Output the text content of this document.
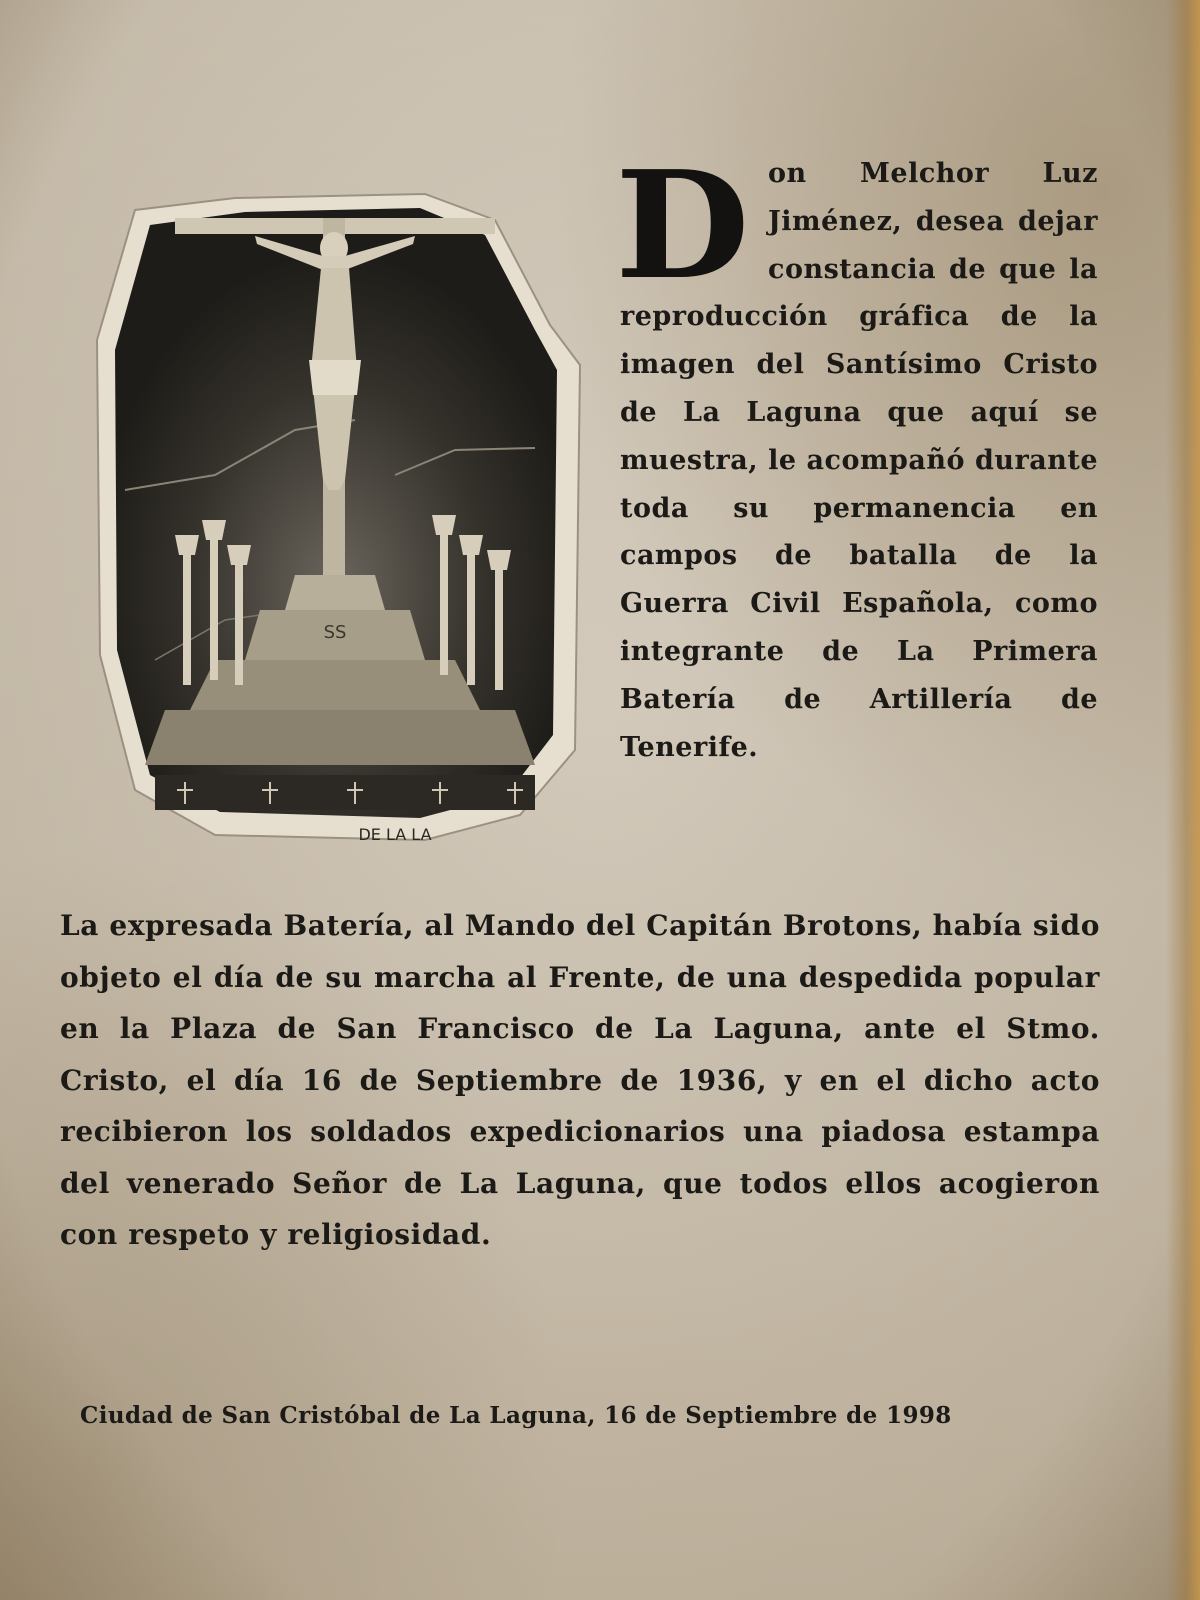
SS
DE LA LA
D on Melchor Luz Jiménez, desea dejar constancia de que la reproducción gráfica de la imagen del Santísimo Cristo de La Laguna que aquí se muestra, le acompañó durante toda su permanencia en campos de batalla de la Guerra Civil Española, como integrante de La Primera Batería de Artillería de Tenerife.

La expresada Batería, al Mando del Capitán Brotons, había sido objeto el día de su marcha al Frente, de una despedida popular en la Plaza de San Francisco de La Laguna, ante el Stmo. Cristo, el día 16 de Septiembre de 1936, y en el dicho acto recibieron los soldados expedicionarios una piadosa estampa del venerado Señor de La Laguna, que todos ellos acogieron con respeto y religiosidad.

Ciudad de San Cristóbal de La Laguna, 16 de Septiembre de 1998
